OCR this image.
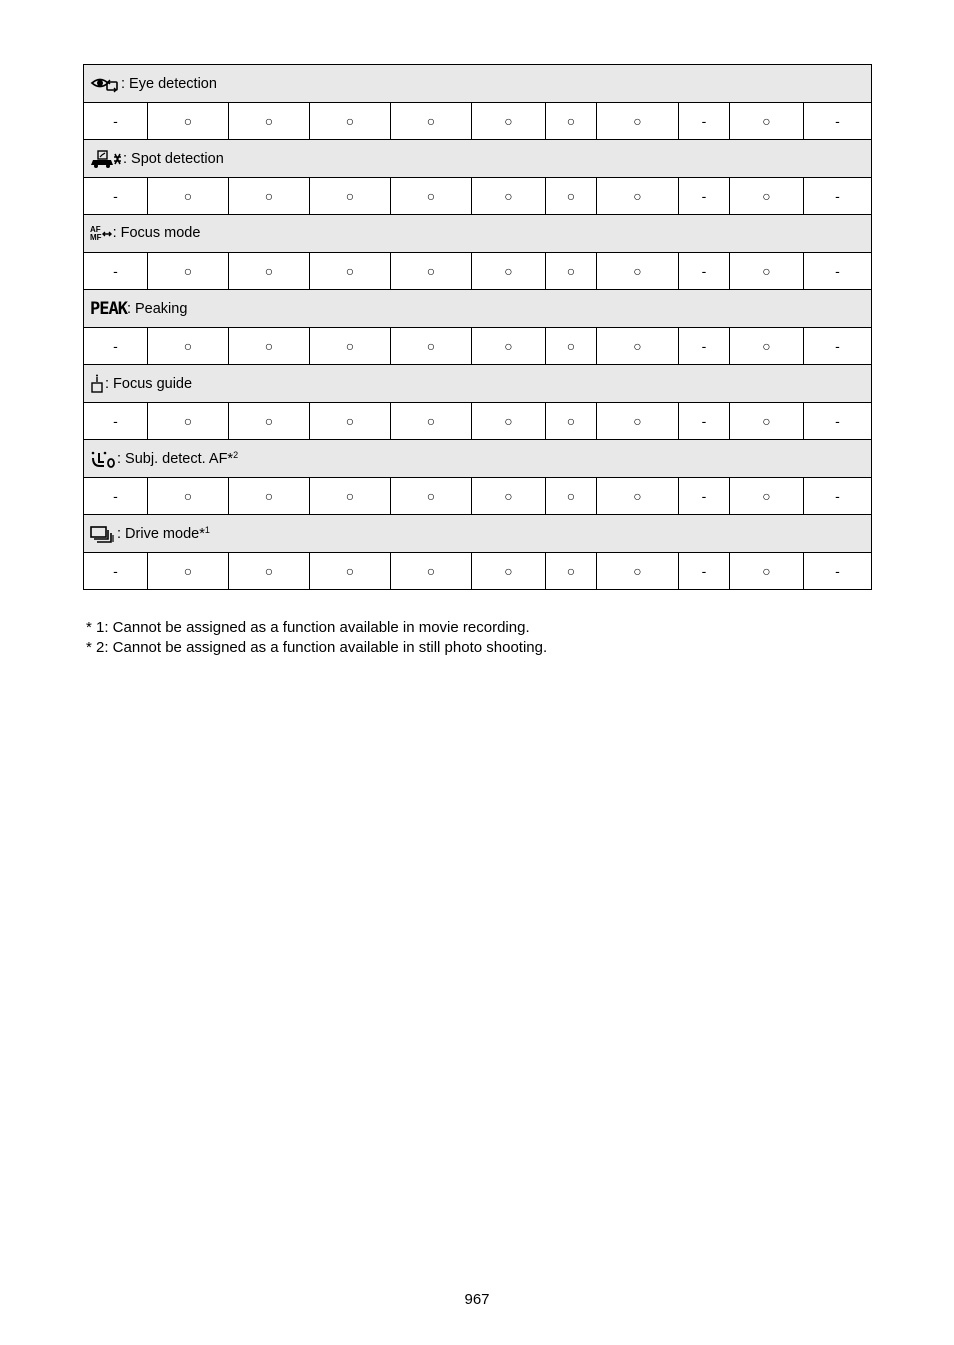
: Eye detection										
-	○	○	○	○	○	○	○	-	○	-

: Spot detection										
-	○	○	○	○	○	○	○	-	○	-
AF
MF : Focus mode										
-	○	○	○	○	○	○	○	-	○	-
PEAK: Peaking										
-	○	○	○	○	○	○	○	-	○	-

: Focus guide										
-	○	○	○	○	○	○	○	-	○	-

: Subj. detect. AF*$^2$
-	○	○	○	○	○	○	○	-	○	-

: Drive mode*$^1$
-	○	○	○	○	○	○	○	-	○	-
* 1: Cannot be assigned as a function available in movie recording.
* 2: Cannot be assigned as a function available in still photo shooting.
967
